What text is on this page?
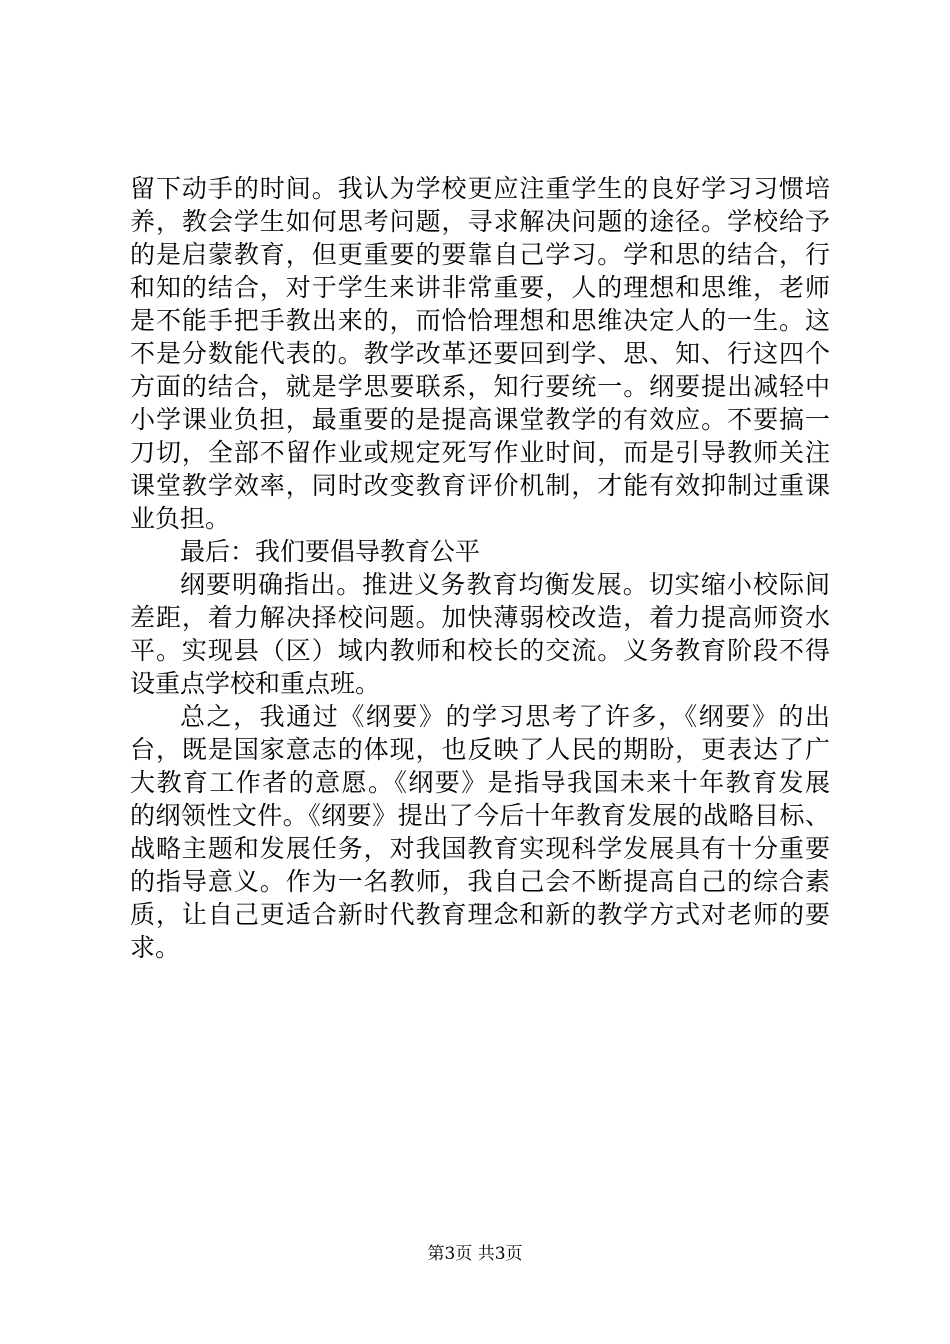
留下动手的时间。我认为学校更应注重学生的良好学习习惯培
养，教会学生如何思考问题，寻求解决问题的途径。学校给予
的是启蒙教育，但更重要的要靠自己学习。学和思的结合，行
和知的结合，对于学生来讲非常重要，人的理想和思维，老师
是不能手把手教出来的，而恰恰理想和思维决定人的一生。这
不是分数能代表的。教学改革还要回到学、思、知、行这四个
方面的结合，就是学思要联系，知行要统一。纲要提出减轻中
小学课业负担，最重要的是提高课堂教学的有效应。不要搞一
刀切，全部不留作业或规定死写作业时间，而是引导教师关注
课堂教学效率，同时改变教育评价机制，才能有效抑制过重课
业负担。
最后：我们要倡导教育公平
纲要明确指出。推进义务教育均衡发展。切实缩小校际间
差距，着力解决择校问题。加快薄弱校改造，着力提高师资水
平。实现县（区）域内教师和校长的交流。义务教育阶段不得
设重点学校和重点班。
总之，我通过《纲要》的学习思考了许多，《纲要》的出
台，既是国家意志的体现，也反映了人民的期盼，更表达了广
大教育工作者的意愿。《纲要》是指导我国未来十年教育发展
的纲领性文件。《纲要》提出了今后十年教育发展的战略目标、
战略主题和发展任务，对我国教育实现科学发展具有十分重要
的指导意义。作为一名教师，我自己会不断提高自己的综合素
质，让自己更适合新时代教育理念和新的教学方式对老师的要
求。
第3页 共3页
